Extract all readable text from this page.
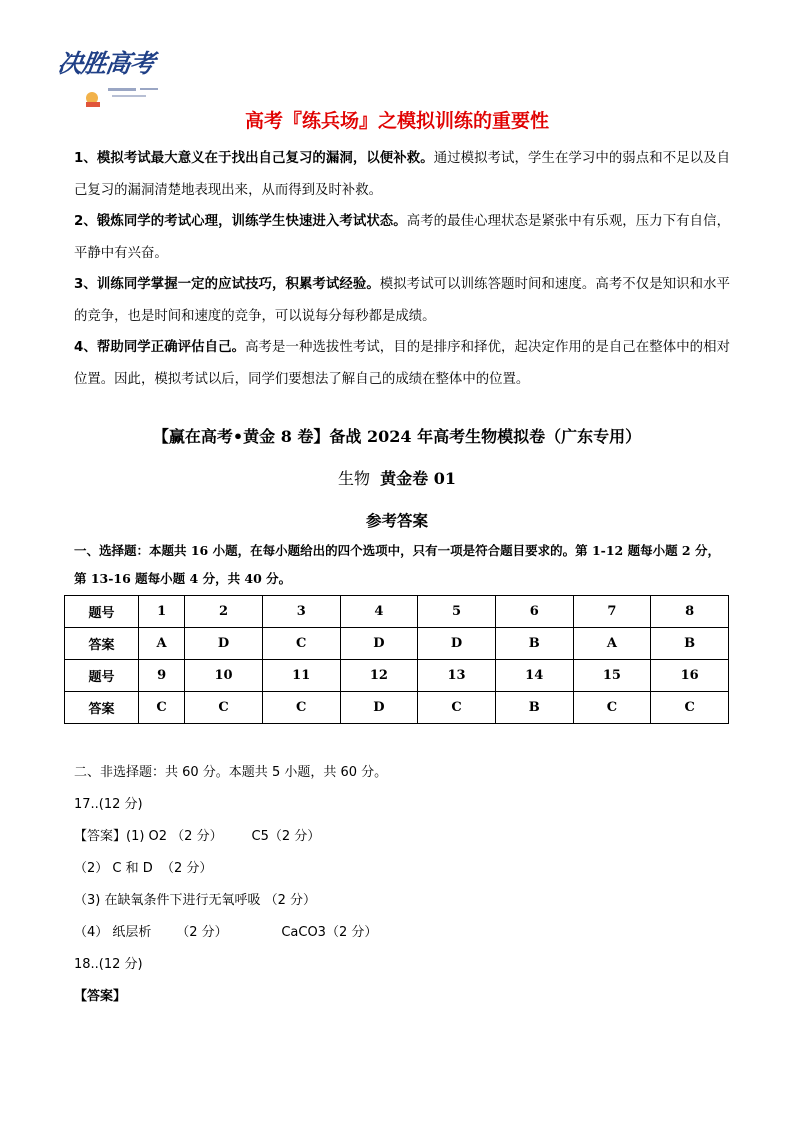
决胜高考
高考『练兵场』之模拟训练的重要性

1、模拟考试最大意义在于找出自己复习的漏洞，以便补救。通过模拟考试，学生在学习中的弱点和不足以及自己复习的漏洞清楚地表现出来，从而得到及时补救。

2、锻炼同学的考试心理，训练学生快速进入考试状态。高考的最佳心理状态是紧张中有乐观，压力下有自信，平静中有兴奋。

3、训练同学掌握一定的应试技巧，积累考试经验。模拟考试可以训练答题时间和速度。高考不仅是知识和水平的竞争，也是时间和速度的竞争，可以说每分每秒都是成绩。

4、帮助同学正确评估自己。高考是一种选拔性考试，目的是排序和择优，起决定作用的是自己在整体中的相对位置。因此，模拟考试以后，同学们要想法了解自己的成绩在整体中的位置。

【赢在高考•黄金 8 卷】备战 2024 年高考生物模拟卷（广东专用）
生物 黄金卷 01
参考答案
一、选择题：本题共 16 小题，在每小题给出的四个选项中，只有一项是符合题目要求的。第 1-12 题每小题 2 分，第 13-16 题每小题 4 分，共 40 分。
题号	1	2	3	4	5	6	7	8
答案	A	D	C	D	D	B	A	B
题号	9	10	11	12	13	14	15	16
答案	C	C	C	D	C	B	C	C
二、非选择题：共 60 分。本题共 5 小题，共 60 分。
17..(12 分)
【答案】(1) O2 （2 分）       C5（2 分）
（2） C 和 D  （2 分）
（3) 在缺氧条件下进行无氧呼吸 （2 分）
（4） 纸层析      （2 分）             CaCO3（2 分）
18..(12 分)
【答案】
